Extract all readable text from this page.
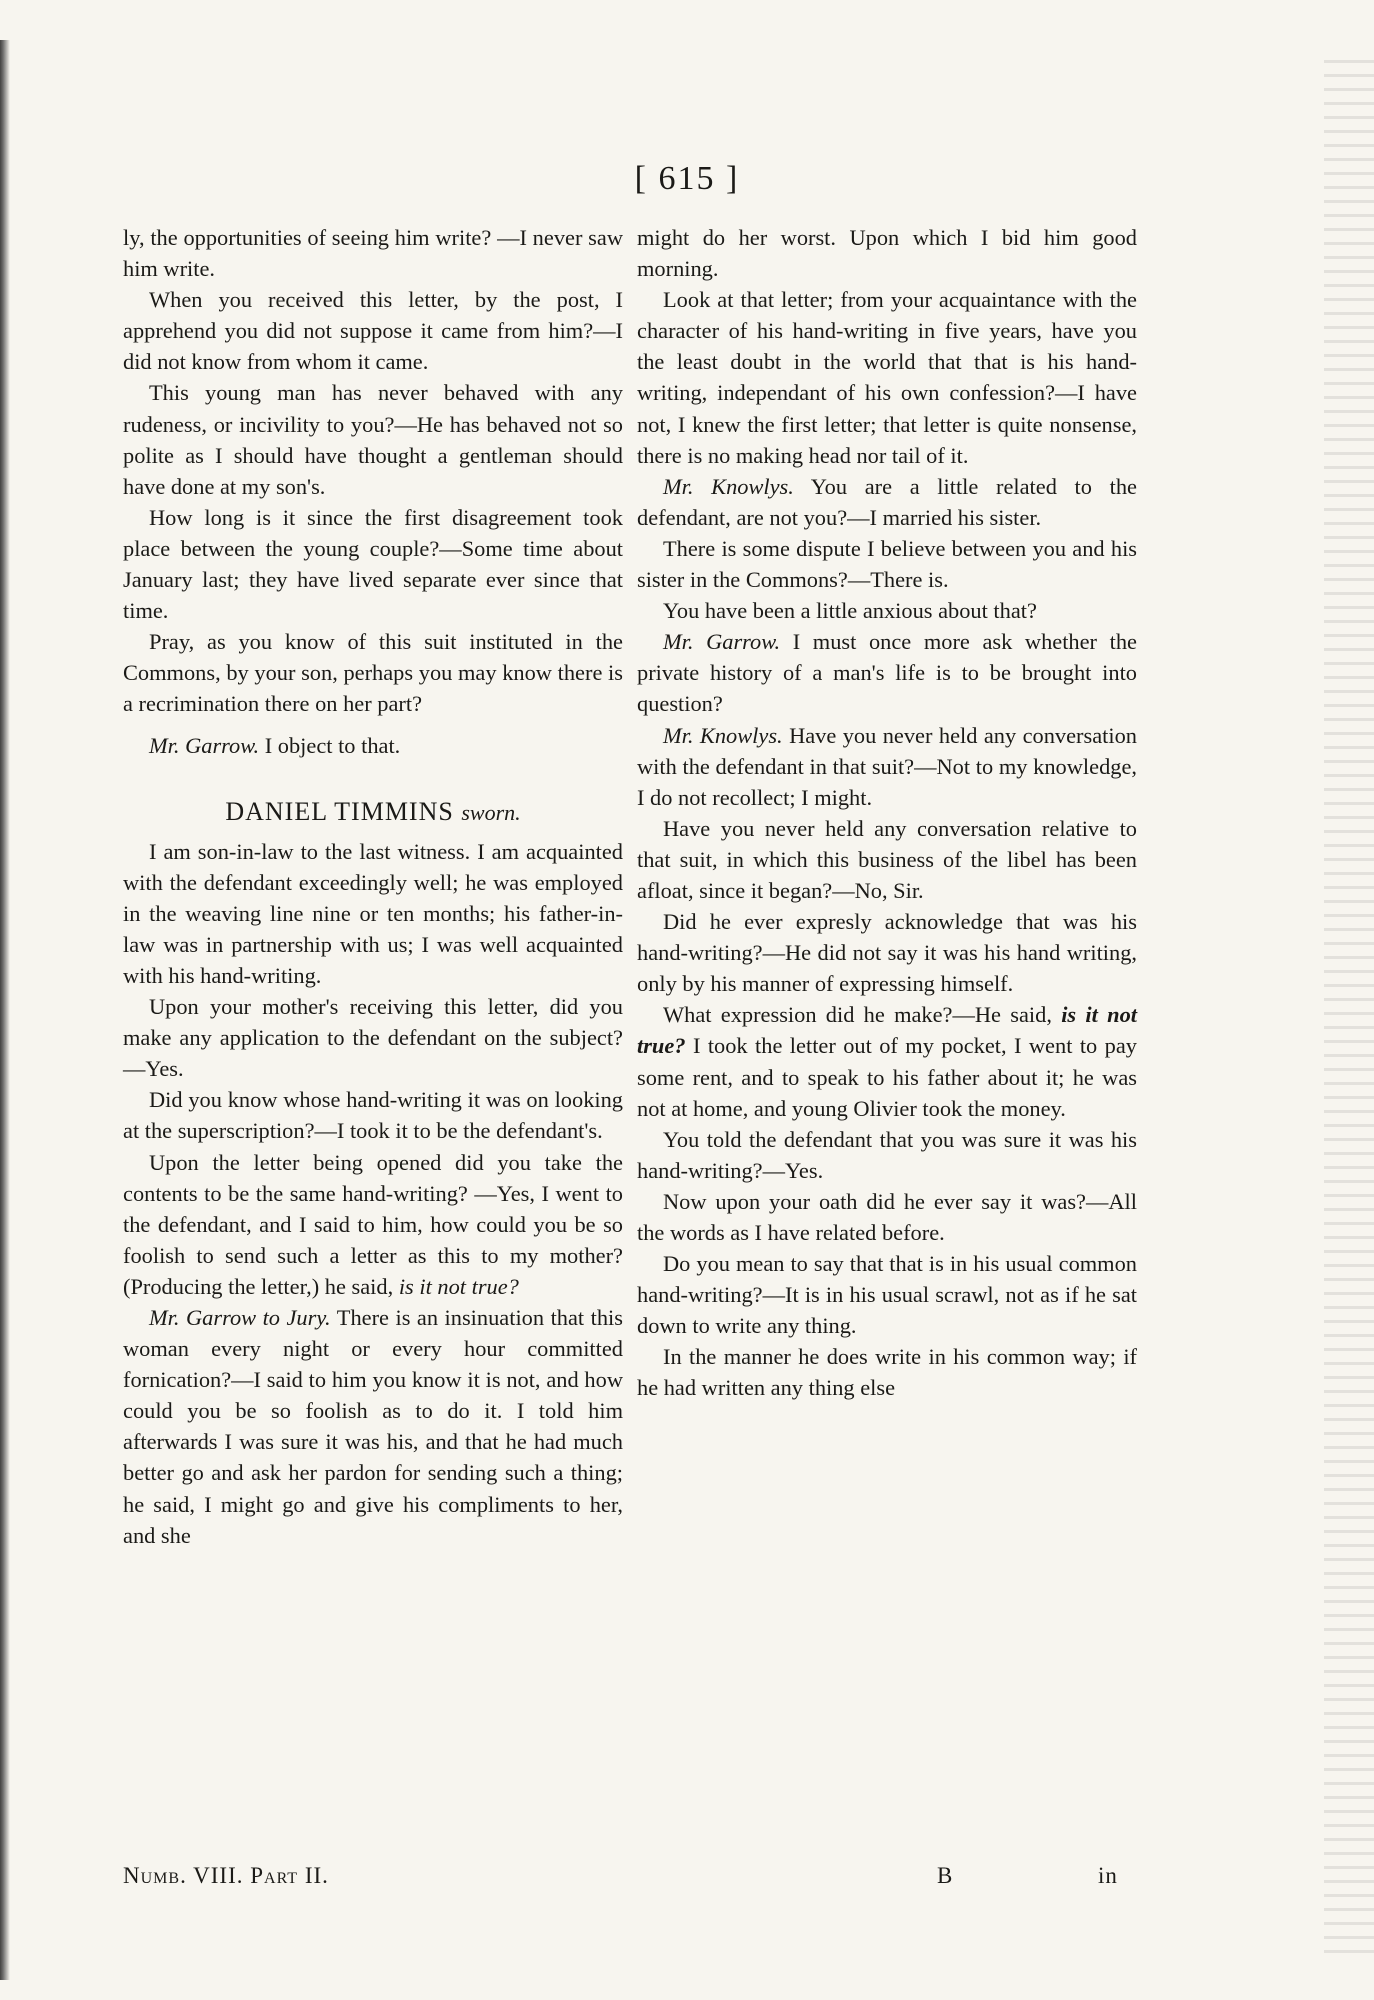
[ 615 ]

ly, the opportunities of seeing him write? —I never saw him write.

When you received this letter, by the post, I apprehend you did not suppose it came from him?—I did not know from whom it came.

This young man has never behaved with any rudeness, or incivility to you?—He has behaved not so polite as I should have thought a gentleman should have done at my son's.

How long is it since the first disagreement took place between the young couple?—Some time about January last; they have lived separate ever since that time.

Pray, as you know of this suit instituted in the Commons, by your son, perhaps you may know there is a recrimination there on her part?

Mr. Garrow. I object to that.

DANIEL TIMMINS sworn.

I am son-in-law to the last witness. I am acquainted with the defendant exceedingly well; he was employed in the weaving line nine or ten months; his father-in-law was in partnership with us; I was well acquainted with his hand-writing.

Upon your mother's receiving this letter, did you make any application to the defendant on the subject?—Yes.

Did you know whose hand-writing it was on looking at the superscription?—I took it to be the defendant's.

Upon the letter being opened did you take the contents to be the same hand-writing? —Yes, I went to the defendant, and I said to him, how could you be so foolish to send such a letter as this to my mother? (Producing the letter,) he said, is it not true?

Mr. Garrow to Jury. There is an insinuation that this woman every night or every hour committed fornication?—I said to him you know it is not, and how could you be so foolish as to do it. I told him afterwards I was sure it was his, and that he had much better go and ask her pardon for sending such a thing; he said, I might go and give his compliments to her, and she

might do her worst. Upon which I bid him good morning.

Look at that letter; from your acquaintance with the character of his hand-writing in five years, have you the least doubt in the world that that is his hand-writing, independant of his own confession?—I have not, I knew the first letter; that letter is quite nonsense, there is no making head nor tail of it.

Mr. Knowlys. You are a little related to the defendant, are not you?—I married his sister.

There is some dispute I believe between you and his sister in the Commons?—There is.

You have been a little anxious about that?

Mr. Garrow. I must once more ask whether the private history of a man's life is to be brought into question?

Mr. Knowlys. Have you never held any conversation with the defendant in that suit?—Not to my knowledge, I do not recollect; I might.

Have you never held any conversation relative to that suit, in which this business of the libel has been afloat, since it began?—No, Sir.

Did he ever expresly acknowledge that was his hand-writing?—He did not say it was his hand writing, only by his manner of expressing himself.

What expression did he make?—He said, is it not true? I took the letter out of my pocket, I went to pay some rent, and to speak to his father about it; he was not at home, and young Olivier took the money.

You told the defendant that you was sure it was his hand-writing?—Yes.

Now upon your oath did he ever say it was?—All the words as I have related before.

Do you mean to say that that is in his usual common hand-writing?—It is in his usual scrawl, not as if he sat down to write any thing.

In the manner he does write in his common way; if he had written any thing else

Numb. VIII. Part II.	B	in
